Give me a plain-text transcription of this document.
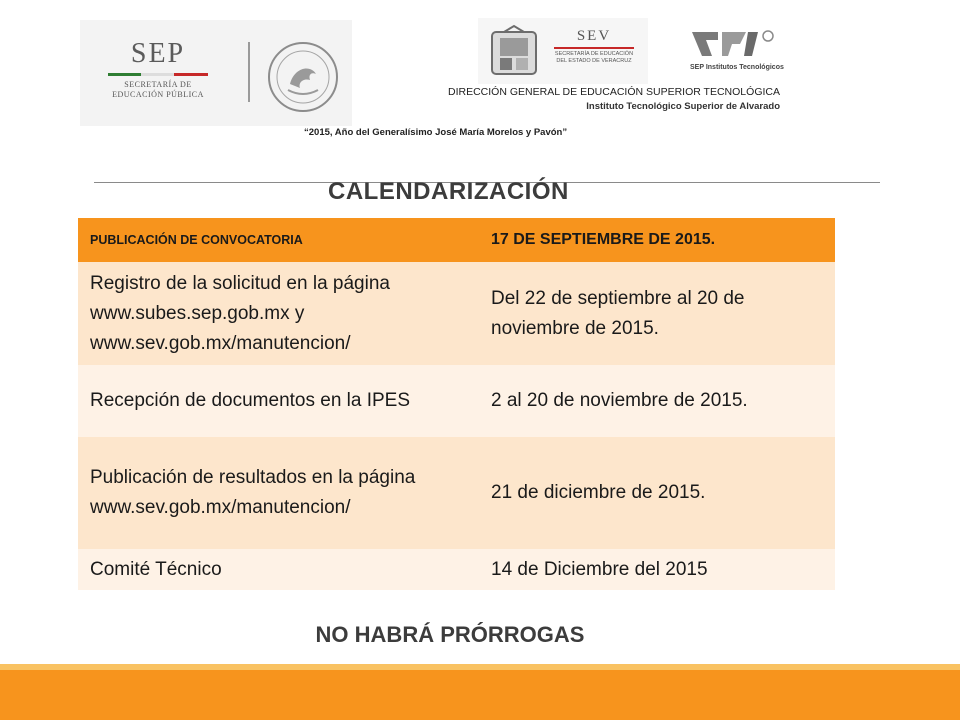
SEP
SECRETARÍA DE
EDUCACIÓN PÚBLICA
SEV
SECRETARÍA DE EDUCACIÓN
DEL ESTADO DE VERACRUZ
SEP Institutos Tecnológicos
DIRECCIÓN GENERAL DE EDUCACIÓN SUPERIOR TECNOLÓGICA
Instituto Tecnológico Superior de Alvarado
“2015, Año del Generalísimo José María Morelos y Pavón”
CALENDARIZACIÓN
PUBLICACIÓN DE CONVOCATORIA	17 DE SEPTIEMBRE DE 2015.
Registro de la solicitud en la página www.subes.sep.gob.mx y www.sev.gob.mx/manutencion/	Del 22 de septiembre al 20 de noviembre de 2015.
Recepción de documentos en la IPES	2 al 20 de noviembre de 2015.
Publicación de resultados en la página www.sev.gob.mx/manutencion/	21 de diciembre de 2015.
Comité Técnico	14 de Diciembre del 2015
NO HABRÁ PRÓRROGAS
